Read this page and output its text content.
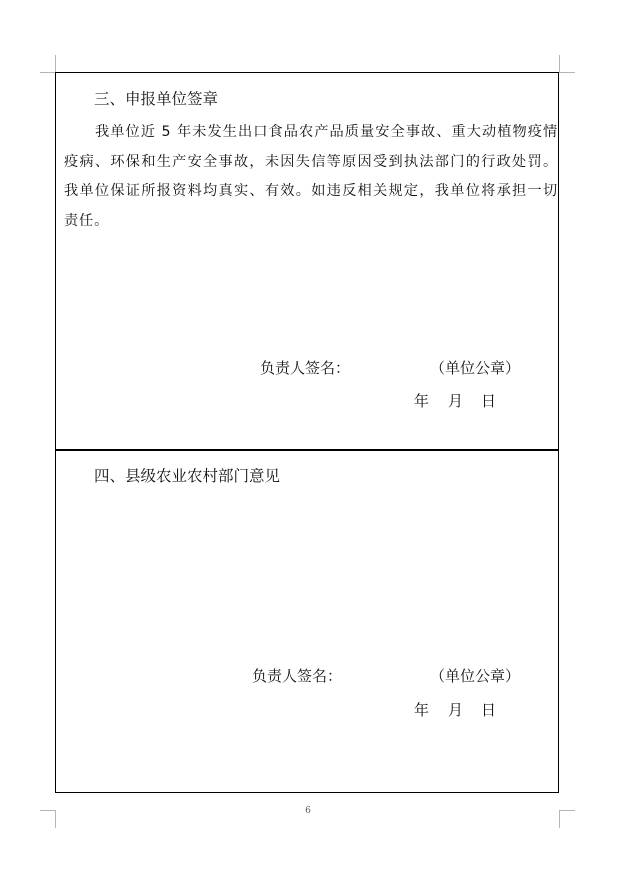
三、申报单位签章

我单位近 5 年未发生出口食品农产品质量安全事故、重大动植物疫情疫病、环保和生产安全事故，未因失信等原因受到执法部门的行政处罚。我单位保证所报资料均真实、有效。如违反相关规定，我单位将承担一切责任。

负责人签名：	（单位公章）
年 月 日
四、县级农业农村部门意见
负责人签名：	（单位公章）
年 月 日
6
